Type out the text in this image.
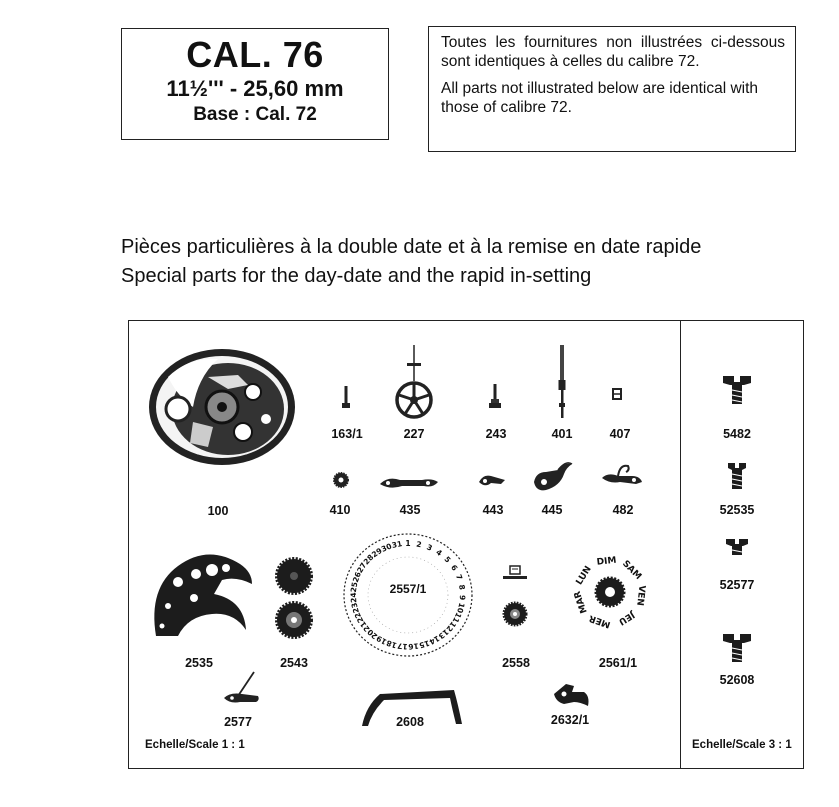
CAL. 76
11½''' - 25,60 mm
Base : Cal. 72

Toutes les fournitures non illustrées ci-dessous sont identiques à celles du calibre 72.

All parts not illustrated below are identical with those of calibre 72.

Pièces particulières à la double date et à la remise en date rapide
Special parts for the day-date and the rapid in-setting
100
163/1	227	243	401	407
410	435	443	445	482
2535	2543
1 2 3 4
5
6
7
8
9
10
11
12
13
14
15
16
17
18
19
20
21
22
23
24
25
26
27
28
29
30
31
2557/1
2558
SAM
VEN
JEU
MER
MAR
LUN
DIM
2561/1
2577	2608	2632/1
5482
52535
52577
52608
Echelle/Scale 1 : 1	Echelle/Scale 3 : 1
